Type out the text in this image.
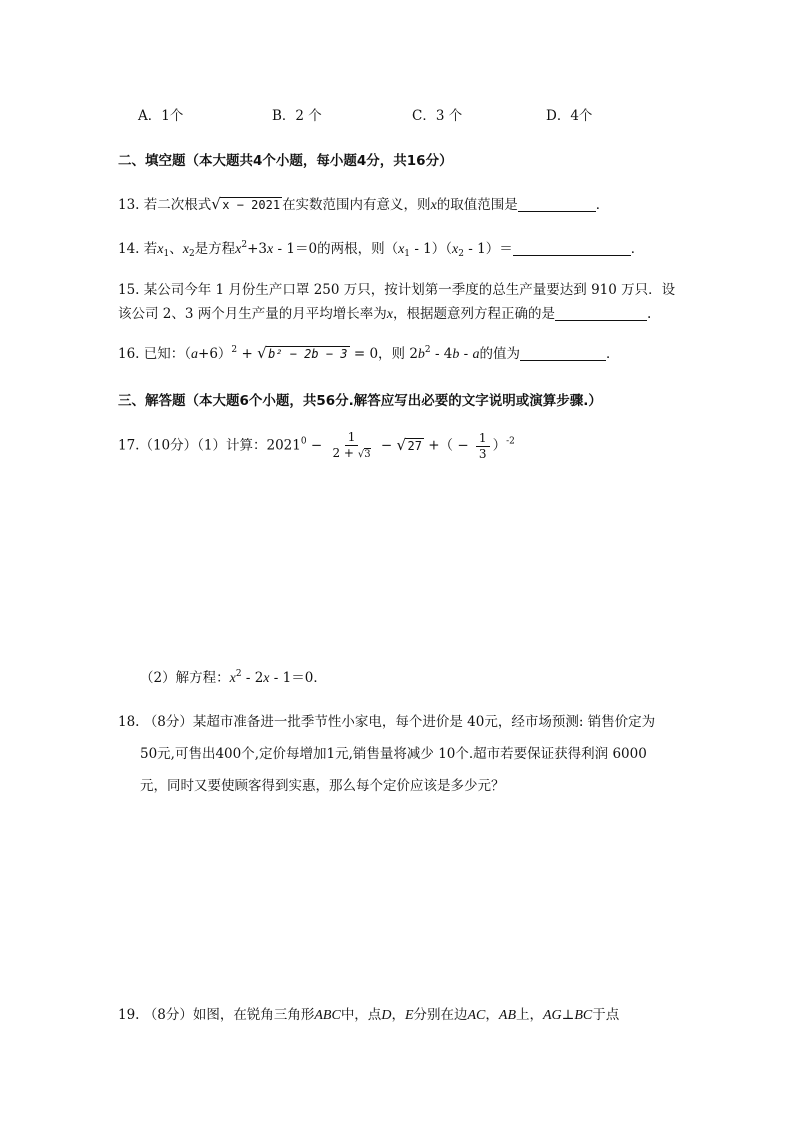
A．1个	B．2 个	C．3 个	D．4个
二、填空题（本大题共4个小题，每小题4分，共16分）
13. 若二次根式 √ x − 2021 在实数范围内有意义，则x的取值范围是	．
14. 若$x_1$、$x_2$是方程$x^2+3x - 1=0$的两根，则$(x_1 - 1)(x_2 - 1)=$	．
15. 某公司今年 1 月份生产口罩 250 万只，按计划第一季度的总生产量要达到 910 万只．设
该公司 2、3 两个月生产量的月平均增长率为x，根据题意列方程正确的是	.
16. 已知：$(a+6)^2$ + √ b² − 2b − 3 = 0，则 $2b^2 - 4b$ - a的值为	．
三、解答题（本大题6个小题，共56分.解答应写出必要的文字说明或演算步骤.）
17.（10分）（1）计算：$2021^0 - \frac{1}{2 + √3}$ − √ 27 +（ − $\frac{1}{3} )^{-2}$
（2）解方程：$x^2 - 2x - 1=0$．
18. （8分）某超市准备进一批季节性小家电，每个进价是 40元，经市场预测: 销售价定为
50元,可售出400个,定价每增加1元,销售量将减少 10个.超市若要保证获得利润 6000
元，同时又要使顾客得到实惠，那么每个定价应该是多少元？
19. （8分）如图，在锐角三角形ABC中，点D，E分别在边AC，AB上，AG⊥BC于点
